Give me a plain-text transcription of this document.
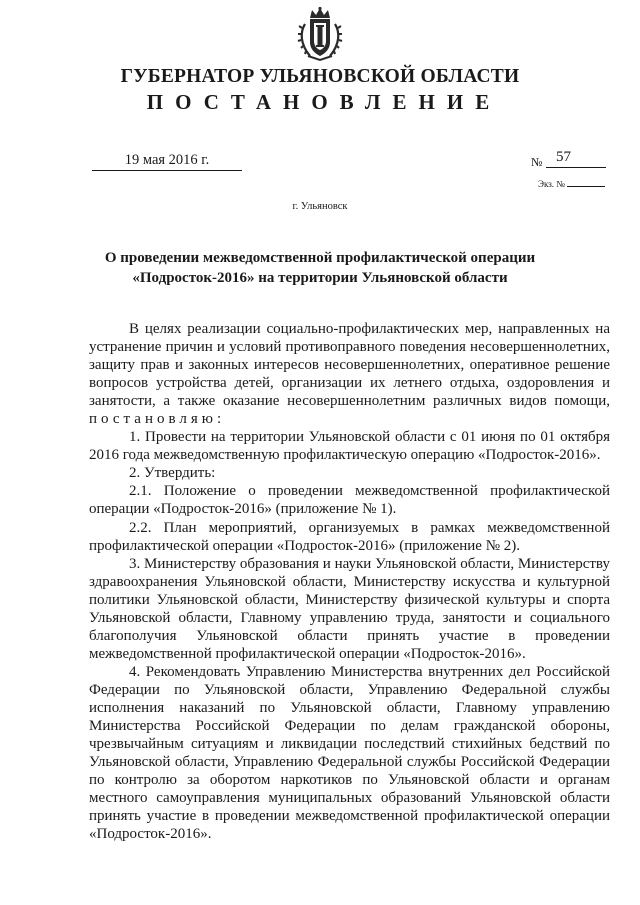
ГУБЕРНАТОР УЛЬЯНОВСКОЙ ОБЛАСТИ
ПОСТАНОВЛЕНИЕ
19 мая 2016 г.	№ 57
Экз. №
г. Ульяновск
О проведении межведомственной профилактической операции
«Подросток-2016» на территории Ульяновской области

В целях реализации социально-профилактических мер, направленных на устранение причин и условий противоправного поведения несовершеннолетних, защиту прав и законных интересов несовершеннолетних, оперативное решение вопросов устройства детей, организации их летнего отдыха, оздоровления и занятости, а также оказание несовершеннолетним различных видов помощи, постановляю:

1. Провести на территории Ульяновской области с 01 июня по 01 октября 2016 года межведомственную профилактическую операцию «Подросток-2016».

2. Утвердить:

2.1. Положение о проведении межведомственной профилактической операции «Подросток-2016» (приложение № 1).

2.2. План мероприятий, организуемых в рамках межведомственной профилактической операции «Подросток-2016» (приложение № 2).

3. Министерству образования и науки Ульяновской области, Министерству здравоохранения Ульяновской области, Министерству искусства и культурной политики Ульяновской области, Министерству физической культуры и спорта Ульяновской области, Главному управлению труда, занятости и социального благополучия Ульяновской области принять участие в проведении межведомственной профилактической операции «Подросток-2016».

4. Рекомендовать Управлению Министерства внутренних дел Российской Федерации по Ульяновской области, Управлению Федеральной службы исполнения наказаний по Ульяновской области, Главному управлению Министерства Российской Федерации по делам гражданской обороны, чрезвычайным ситуациям и ликвидации последствий стихийных бедствий по Ульяновской области, Управлению Федеральной службы Российской Федерации по контролю за оборотом наркотиков по Ульяновской области и органам местного самоуправления муниципальных образований Ульяновской области принять участие в проведении межведомственной профилактической операции «Подросток-2016».
